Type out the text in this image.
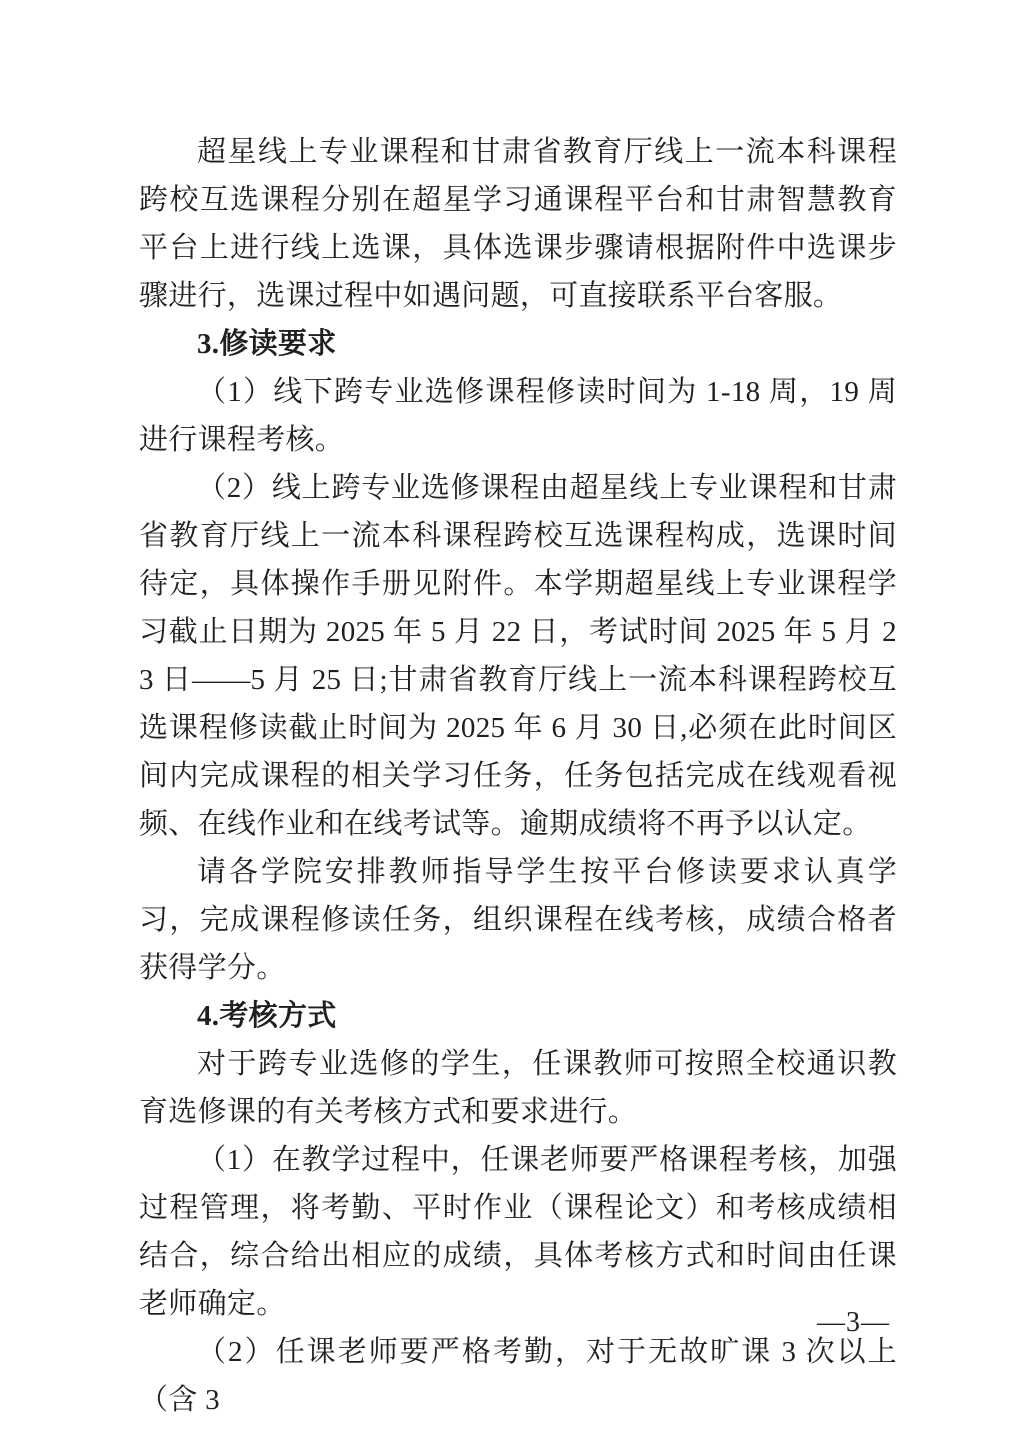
超星线上专业课程和甘肃省教育厅线上一流本科课程跨校互选课程分别在超星学习通课程平台和甘肃智慧教育平台上进行线上选课，具体选课步骤请根据附件中选课步骤进行，选课过程中如遇问题，可直接联系平台客服。

3.修读要求

（1）线下跨专业选修课程修读时间为 1-18 周，19 周进行课程考核。

（2）线上跨专业选修课程由超星线上专业课程和甘肃省教育厅线上一流本科课程跨校互选课程构成，选课时间待定，具体操作手册见附件。本学期超星线上专业课程学习截止日期为 2025 年 5 月 22 日，考试时间 2025 年 5 月 23 日——5 月 25 日;甘肃省教育厅线上一流本科课程跨校互选课程修读截止时间为 2025 年 6 月 30 日,必须在此时间区间内完成课程的相关学习任务，任务包括完成在线观看视频、在线作业和在线考试等。逾期成绩将不再予以认定。

请各学院安排教师指导学生按平台修读要求认真学习，完成课程修读任务，组织课程在线考核，成绩合格者获得学分。

4.考核方式

对于跨专业选修的学生，任课教师可按照全校通识教育选修课的有关考核方式和要求进行。

（1）在教学过程中，任课老师要严格课程考核，加强过程管理，将考勤、平时作业（课程论文）和考核成绩相结合，综合给出相应的成绩，具体考核方式和时间由任课老师确定。

（2）任课老师要严格考勤，对于无故旷课 3 次以上（含 3

—3—
